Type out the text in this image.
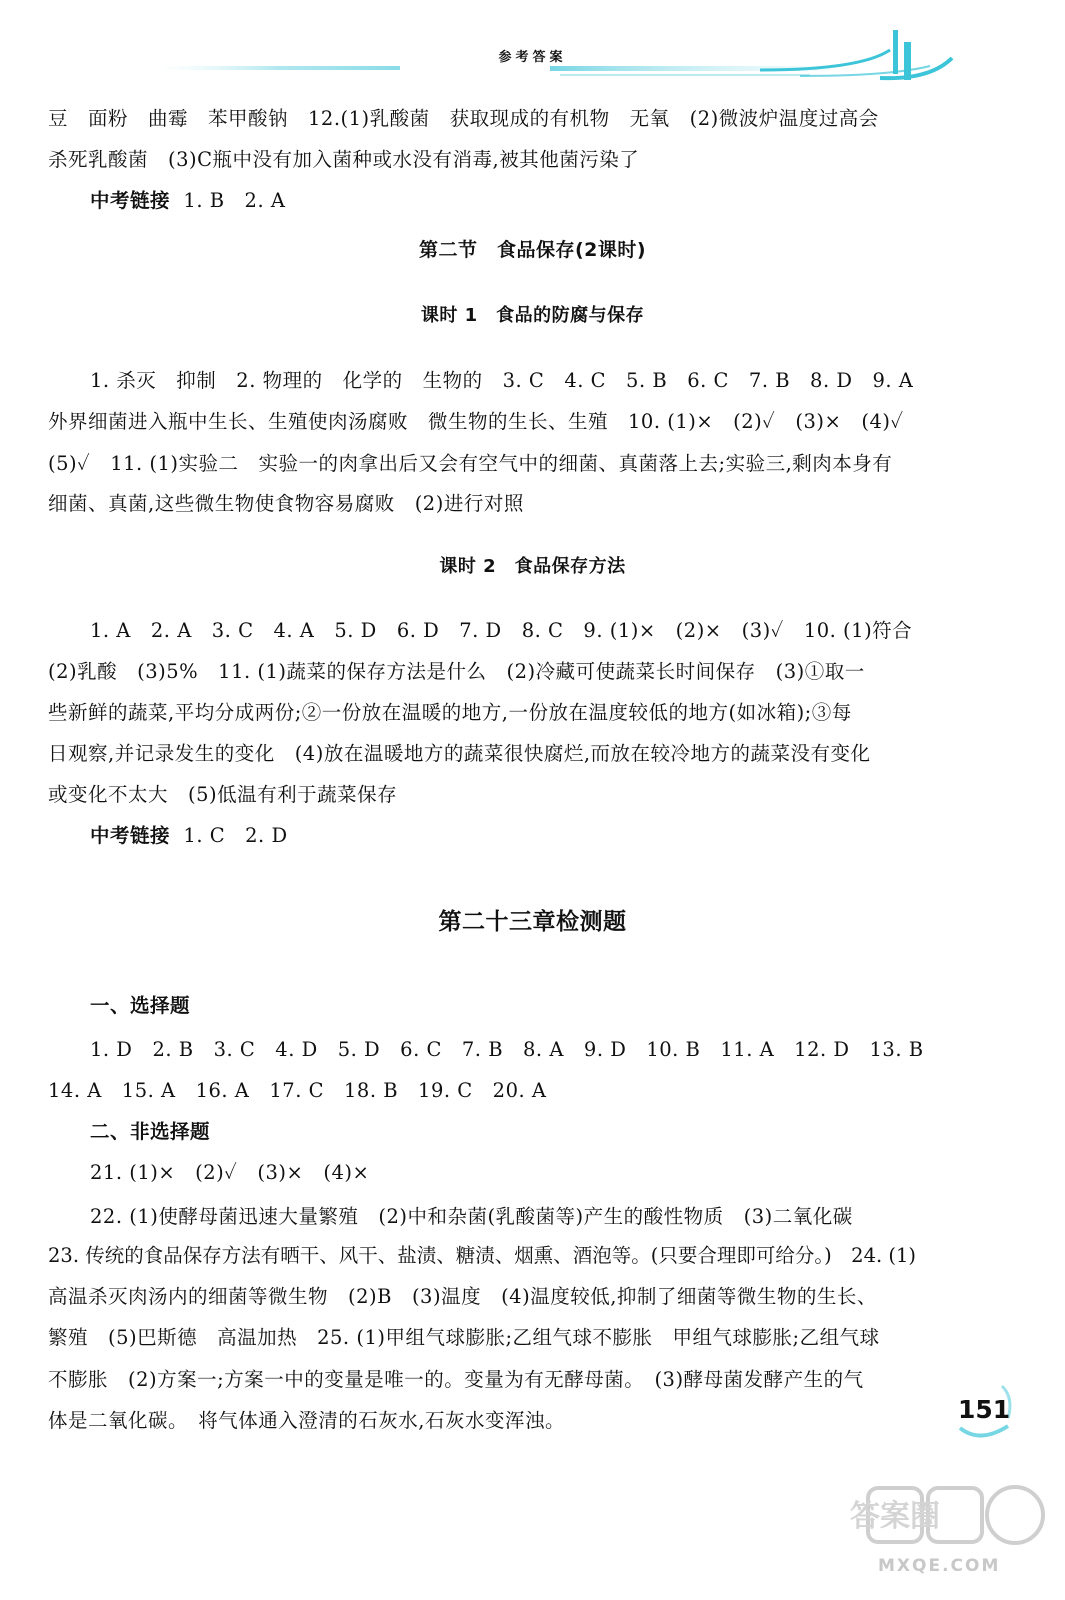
参考答案
豆　面粉　曲霉　苯甲酸钠　12.(1)乳酸菌　获取现成的有机物　无氧　(2)微波炉温度过高会
杀死乳酸菌　(3)C瓶中没有加入菌种或水没有消毒,被其他菌污染了
中考链接 1. B　2. A
第二节　食品保存(2课时)
课时 1　食品的防腐与保存
1. 杀灭　抑制　2. 物理的　化学的　生物的　3. C　4. C　5. B　6. C　7. B　8. D　9. A
外界细菌进入瓶中生长、生殖使肉汤腐败　微生物的生长、生殖　10. (1)×　(2)✓　(3)×　(4)✓
(5)✓　11. (1)实验二　实验一的肉拿出后又会有空气中的细菌、真菌落上去;实验三,剩肉本身有
细菌、真菌,这些微生物使食物容易腐败　(2)进行对照
课时 2　食品保存方法
1. A　2. A　3. C　4. A　5. D　6. D　7. D　8. C　9. (1)×　(2)×　(3)✓　10. (1)符合
(2)乳酸　(3)5%　11. (1)蔬菜的保存方法是什么　(2)冷藏可使蔬菜长时间保存　(3)①取一
些新鲜的蔬菜,平均分成两份;②一份放在温暖的地方,一份放在温度较低的地方(如冰箱);③每
日观察,并记录发生的变化　(4)放在温暖地方的蔬菜很快腐烂,而放在较冷地方的蔬菜没有变化
或变化不太大　(5)低温有利于蔬菜保存
中考链接 1. C　2. D
第二十三章检测题
一、选择题
1. D　2. B　3. C　4. D　5. D　6. C　7. B　8. A　9. D　10. B　11. A　12. D　13. B
14. A　15. A　16. A　17. C　18. B　19. C　20. A
二、非选择题
21. (1)×　(2)✓　(3)×　(4)×
22. (1)使酵母菌迅速大量繁殖　(2)中和杂菌(乳酸菌等)产生的酸性物质　(3)二氧化碳
23. 传统的食品保存方法有晒干、风干、盐渍、糖渍、烟熏、酒泡等。(只要合理即可给分。)　24. (1)
高温杀灭肉汤内的细菌等微生物　(2)B　(3)温度　(4)温度较低,抑制了细菌等微生物的生长、
繁殖　(5)巴斯德　高温加热　25. (1)甲组气球膨胀;乙组气球不膨胀　甲组气球膨胀;乙组气球
不膨胀　(2)方案一;方案一中的变量是唯一的。变量为有无酵母菌。　(3)酵母菌发酵产生的气
体是二氧化碳。　将气体通入澄清的石灰水,石灰水变浑浊。	151
答案圈
MXQE.COM
